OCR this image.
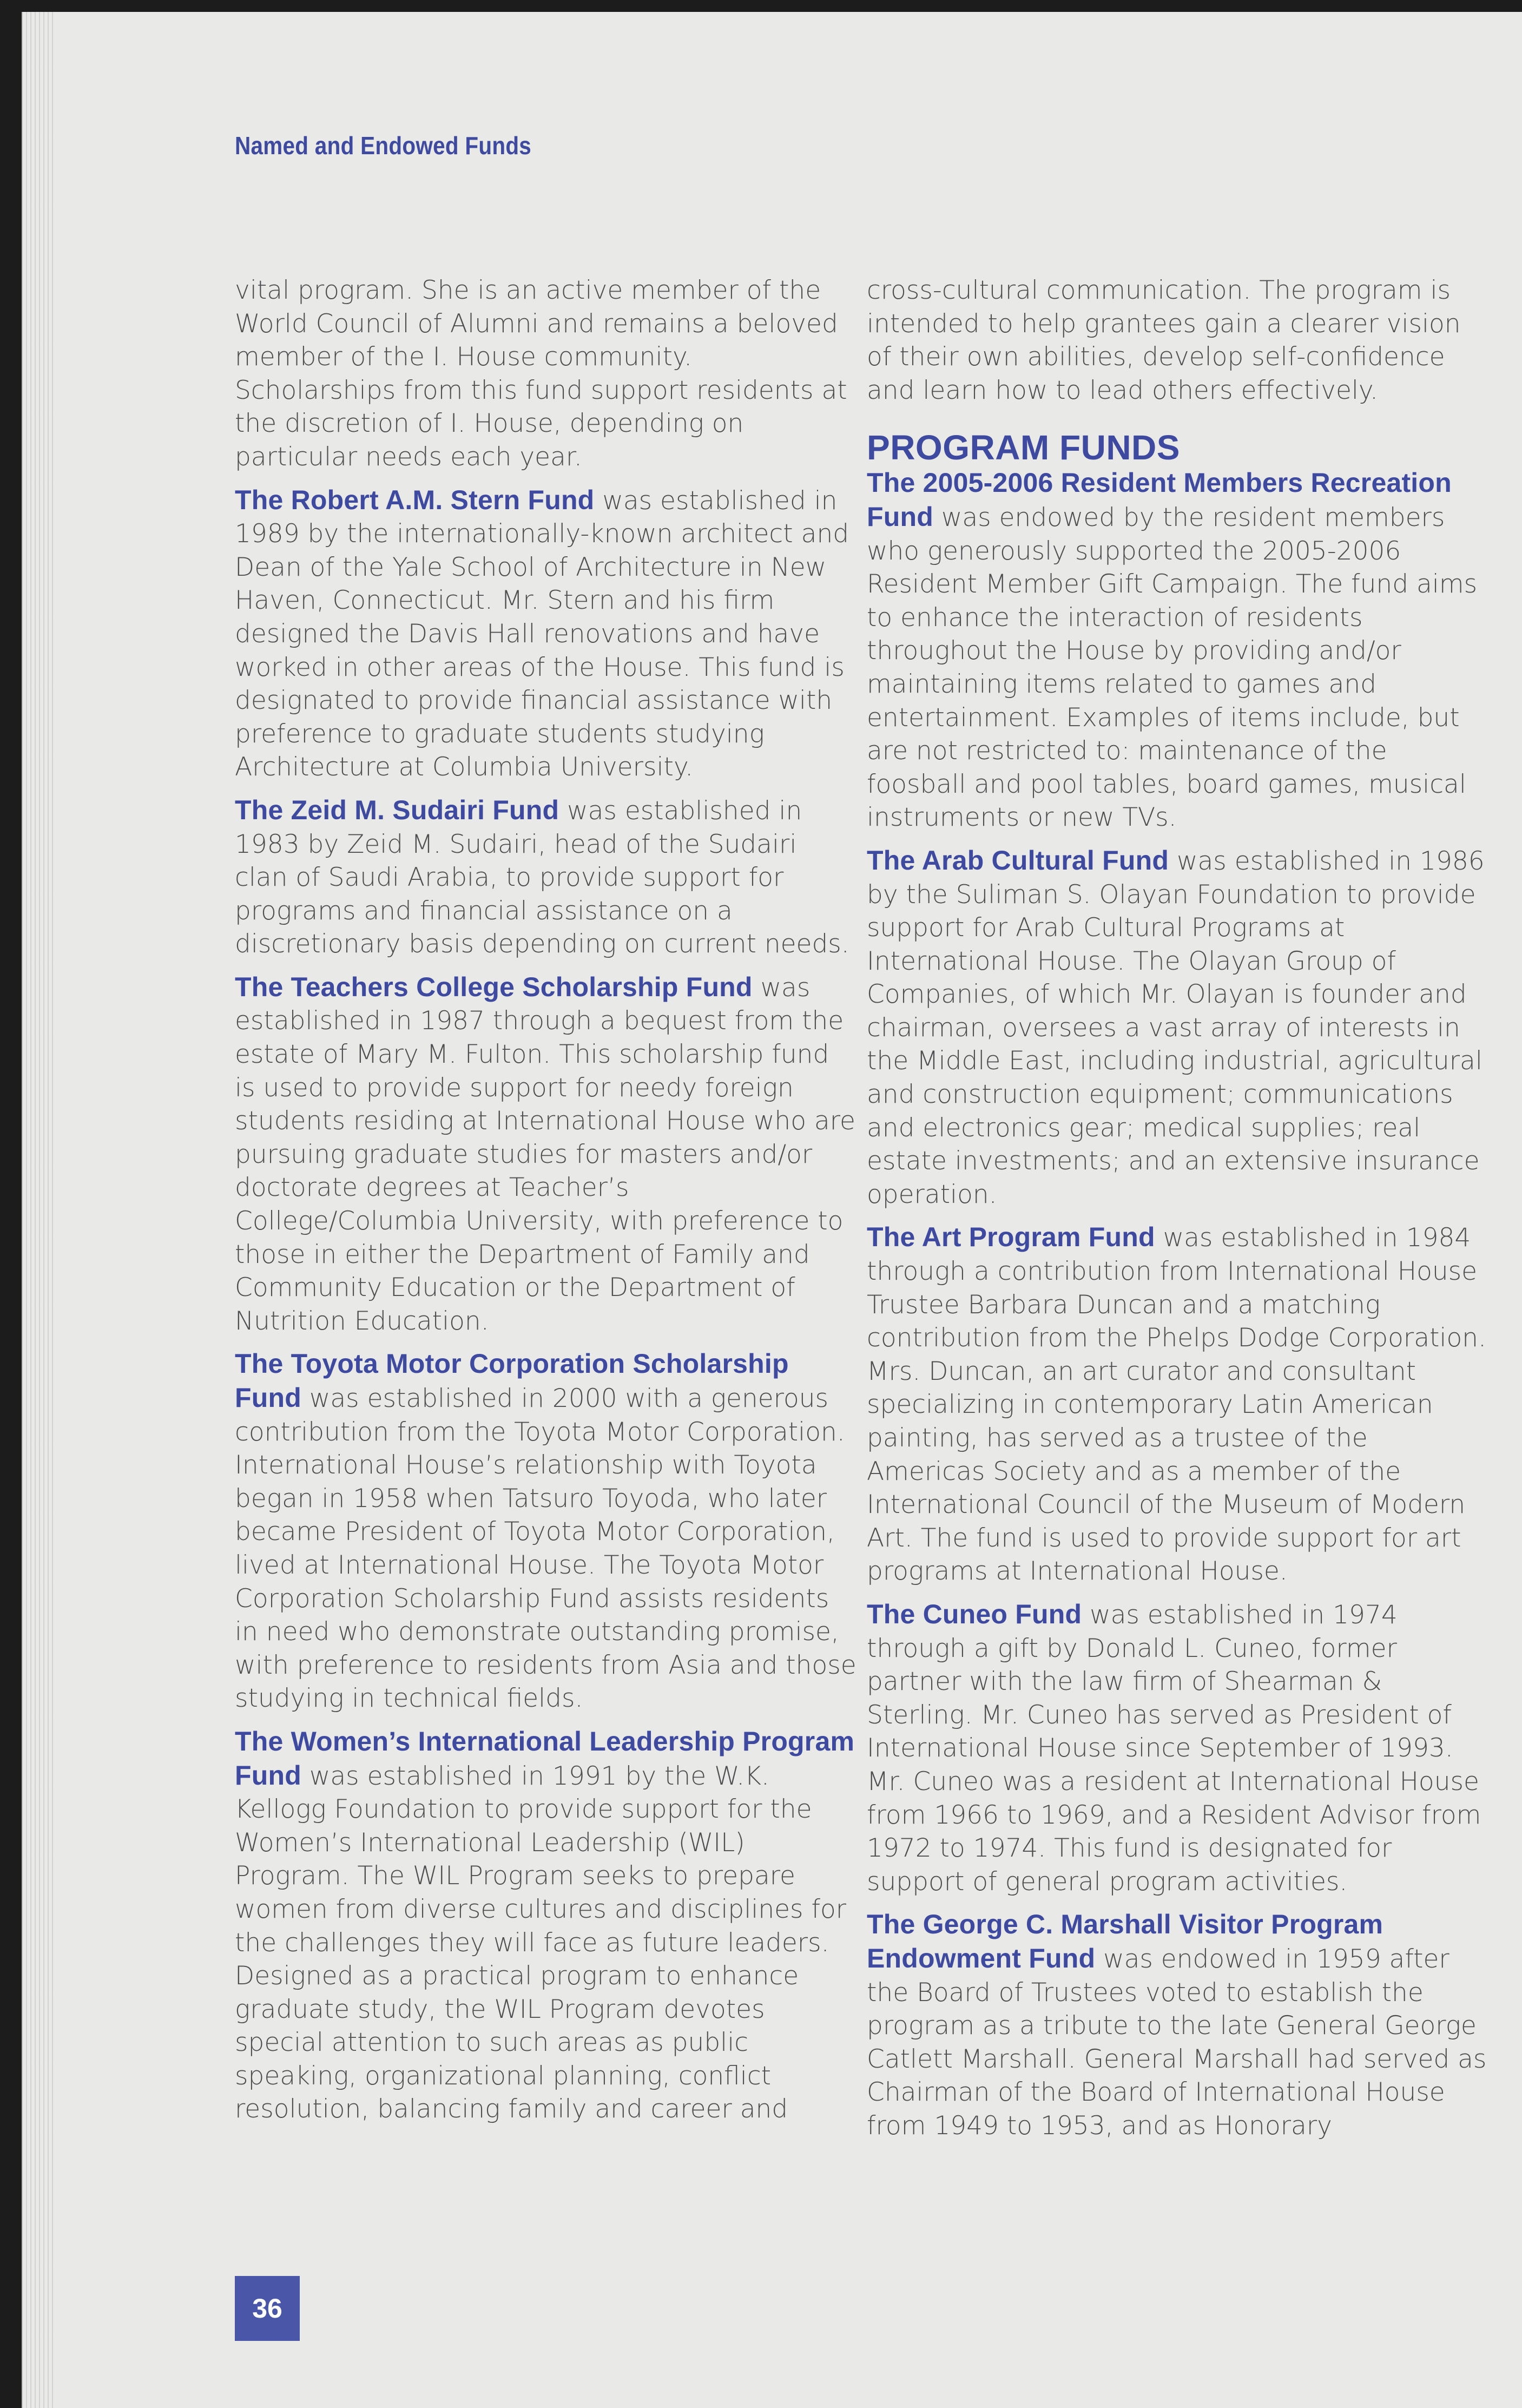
Named and Endowed Funds

vital program. She is an active member of the World Council of Alumni and remains a beloved member of the I. House community. Scholarships from this fund support residents at the discretion of I. House, depending on particular needs each year.

The Robert A.M. Stern Fund was established in 1989 by the internationally-known architect and Dean of the Yale School of Architecture in New Haven, Connecticut. Mr. Stern and his firm designed the Davis Hall renovations and have worked in other areas of the House. This fund is designated to provide financial assistance with preference to graduate students studying Architecture at Columbia University.

The Zeid M. Sudairi Fund was established in 1983 by Zeid M. Sudairi, head of the Sudairi clan of Saudi Arabia, to provide support for programs and financial assistance on a discretionary basis depending on current needs.

The Teachers College Scholarship Fund was established in 1987 through a bequest from the estate of Mary M. Fulton. This scholarship fund is used to provide support for needy foreign students residing at International House who are pursuing graduate studies for masters and/or doctorate degrees at Teacher’s College/Columbia University, with preference to those in either the Department of Family and Community Education or the Department of Nutrition Education.

The Toyota Motor Corporation Scholarship Fund was established in 2000 with a generous contribution from the Toyota Motor Corporation. International House’s relationship with Toyota began in 1958 when Tatsuro Toyoda, who later became President of Toyota Motor Corporation, lived at International House. The Toyota Motor Corporation Scholarship Fund assists residents in need who demonstrate outstanding promise, with preference to residents from Asia and those studying in technical fields.

The Women’s International Leadership Program Fund was established in 1991 by the W.K. Kellogg Foundation to provide support for the Women’s International Leadership (WIL) Program. The WIL Program seeks to prepare women from diverse cultures and disciplines for the challenges they will face as future leaders. Designed as a practical program to enhance graduate study, the WIL Program devotes special attention to such areas as public speaking, organizational planning, conflict resolution, balancing family and career and

cross-cultural communication. The program is intended to help grantees gain a clearer vision of their own abilities, develop self-confidence and learn how to lead others effectively.

PROGRAM FUNDS

The 2005-2006 Resident Members Recreation Fund was endowed by the resident members who generously supported the 2005-2006 Resident Member Gift Campaign. The fund aims to enhance the interaction of residents throughout the House by providing and/or maintaining items related to games and entertainment. Examples of items include, but are not restricted to: maintenance of the foosball and pool tables, board games, musical instruments or new TVs.

The Arab Cultural Fund was established in 1986 by the Suliman S. Olayan Foundation to provide support for Arab Cultural Programs at International House. The Olayan Group of Companies, of which Mr. Olayan is founder and chairman, oversees a vast array of interests in the Middle East, including industrial, agricultural and construction equipment; communications and electronics gear; medical supplies; real estate investments; and an extensive insurance operation.

The Art Program Fund was established in 1984 through a contribution from International House Trustee Barbara Duncan and a matching contribution from the Phelps Dodge Corporation. Mrs. Duncan, an art curator and consultant specializing in contemporary Latin American painting, has served as a trustee of the Americas Society and as a member of the International Council of the Museum of Modern Art. The fund is used to provide support for art programs at International House.

The Cuneo Fund was established in 1974 through a gift by Donald L. Cuneo, former partner with the law firm of Shearman & Sterling. Mr. Cuneo has served as President of International House since September of 1993. Mr. Cuneo was a resident at International House from 1966 to 1969, and a Resident Advisor from 1972 to 1974. This fund is designated for support of general program activities.

The George C. Marshall Visitor Program Endowment Fund was endowed in 1959 after the Board of Trustees voted to establish the program as a tribute to the late General George Catlett Marshall. General Marshall had served as Chairman of the Board of International House from 1949 to 1953, and as Honorary

36
